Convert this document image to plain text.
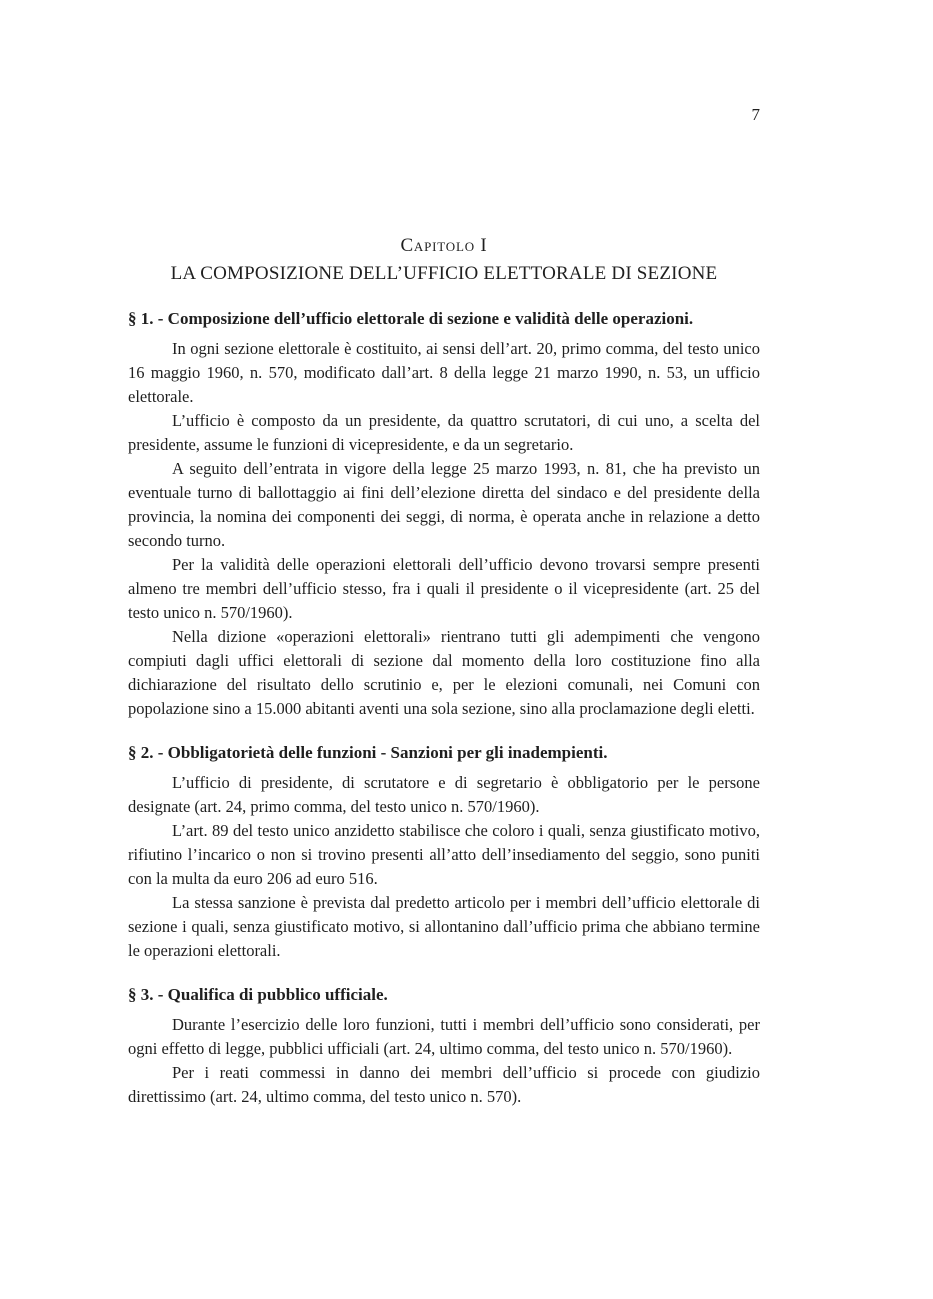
7
Capitolo I
LA COMPOSIZIONE DELL’UFFICIO ELETTORALE DI SEZIONE
§ 1. - Composizione dell’ufficio elettorale di sezione e validità delle operazioni.

In ogni sezione elettorale è costituito, ai sensi dell’art. 20, primo comma, del testo unico 16 maggio 1960, n. 570, modificato dall’art. 8 della legge 21 marzo 1990, n. 53, un ufficio elettorale.

L’ufficio è composto da un presidente, da quattro scrutatori, di cui uno, a scelta del presidente, assume le funzioni di vicepresidente, e da un segretario.

A seguito dell’entrata in vigore della legge 25 marzo 1993, n. 81, che ha previsto un eventuale turno di ballottaggio ai fini dell’elezione diretta del sindaco e del presidente della provincia, la nomina dei componenti dei seggi, di norma, è operata anche in relazione a detto secondo turno.

Per la validità delle operazioni elettorali dell’ufficio devono trovarsi sempre presenti almeno tre membri dell’ufficio stesso, fra i quali il presidente o il vicepresidente (art. 25 del testo unico n. 570/1960).

Nella dizione «operazioni elettorali» rientrano tutti gli adempimenti che vengono compiuti dagli uffici elettorali di sezione dal momento della loro costituzione fino alla dichiarazione del risultato dello scrutinio e, per le elezioni comunali, nei Comuni con popolazione sino a 15.000 abitanti aventi una sola sezione, sino alla proclamazione degli eletti.

§ 2. - Obbligatorietà delle funzioni - Sanzioni per gli inadempienti.

L’ufficio di presidente, di scrutatore e di segretario è obbligatorio per le persone designate (art. 24, primo comma, del testo unico n. 570/1960).

L’art. 89 del testo unico anzidetto stabilisce che coloro i quali, senza giustificato motivo, rifiutino l’incarico o non si trovino presenti all’atto dell’insediamento del seggio, sono puniti con la multa da euro 206 ad euro 516.

La stessa sanzione è prevista dal predetto articolo per i membri dell’ufficio elettorale di sezione i quali, senza giustificato motivo, si allontanino dall’ufficio prima che abbiano termine le operazioni elettorali.

§ 3. - Qualifica di pubblico ufficiale.

Durante l’esercizio delle loro funzioni, tutti i membri dell’ufficio sono considerati, per ogni effetto di legge, pubblici ufficiali (art. 24, ultimo comma, del testo unico n. 570/1960).

Per i reati commessi in danno dei membri dell’ufficio si procede con giudizio direttissimo (art. 24, ultimo comma, del testo unico n. 570).
